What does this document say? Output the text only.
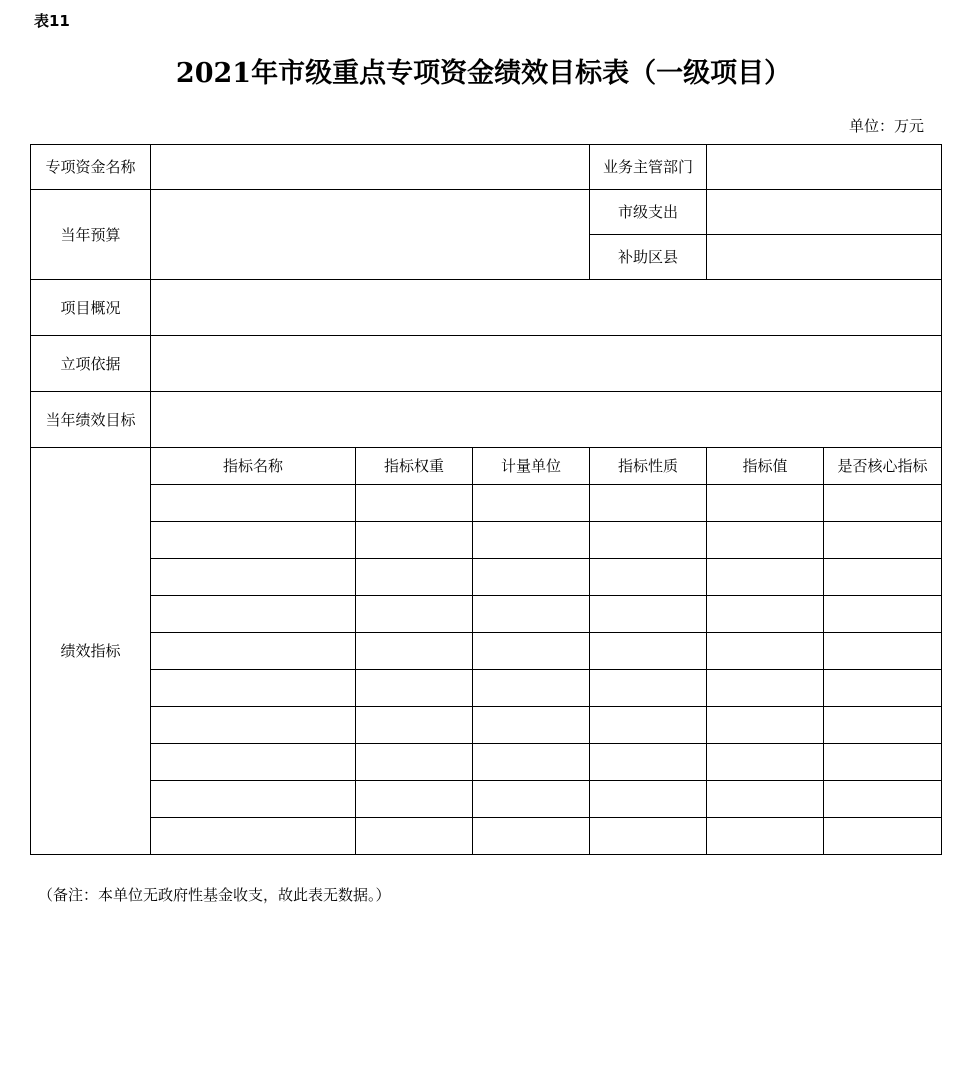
表11
2021年市级重点专项资金绩效目标表（一级项目）
单位：万元
专项资金名称				业务主管部门		
当年预算				市级支出		
				补助区县		
项目概况						
立项依据						
当年绩效目标						
绩效指标	指标名称	指标权重	计量单位	指标性质	指标值	是否核心指标

（备注：本单位无政府性基金收支，故此表无数据。）
